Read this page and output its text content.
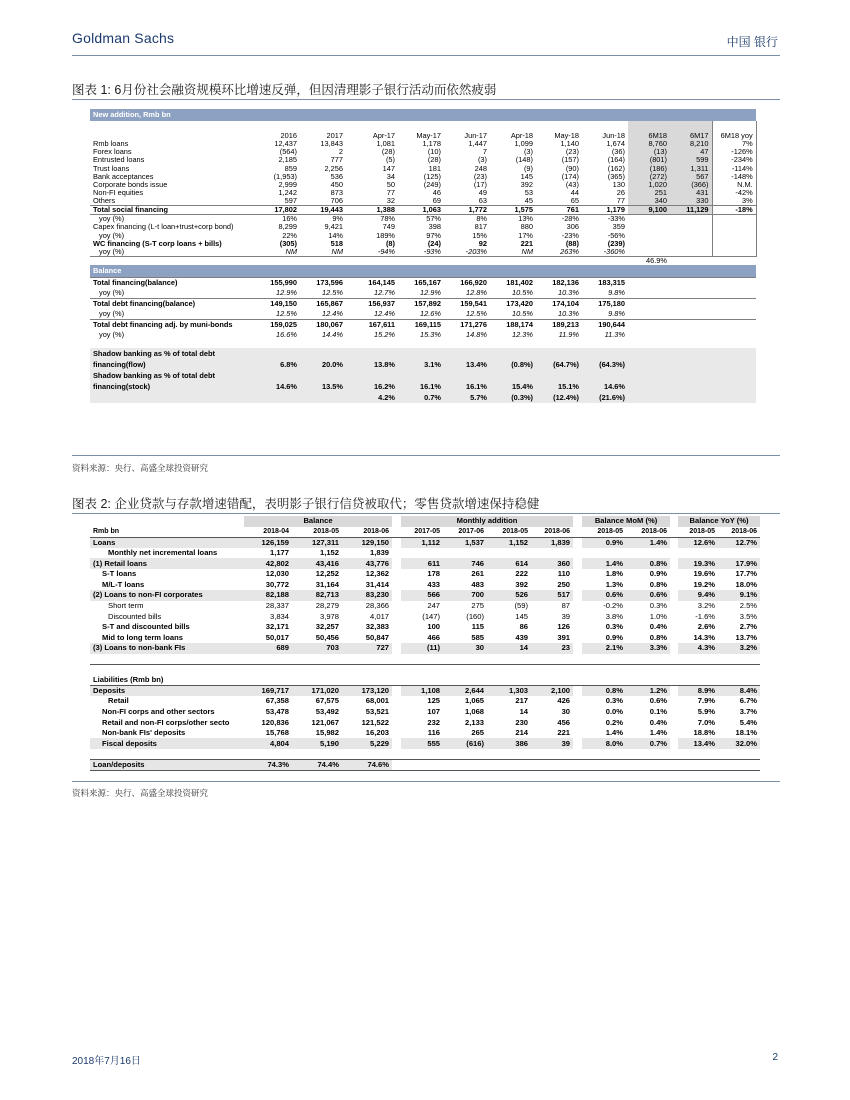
Goldman Sachs	中国 银行
图表 1: 6月份社会融资规模环比增速反弹，但因清理影子银行活动而依然疲弱
New addition, Rmb bn											
	2016	2017	Apr-17	May-17	Jun-17	Apr-18	May-18	Jun-18	6M18	6M17	6M18 yoy
Rmb loans	12,437	13,843	1,081	1,178	1,447	1,099	1,140	1,674	8,760	8,210	7%
Forex loans	(564)	2	(28)	(10)	7	(3)	(23)	(36)	(13)	47	-126%
Entrusted loans	2,185	777	(5)	(28)	(3)	(148)	(157)	(164)	(801)	599	-234%
Trust loans	859	2,256	147	181	248	(9)	(90)	(162)	(186)	1,311	-114%
Bank acceptances	(1,953)	536	34	(125)	(23)	145	(174)	(365)	(272)	567	-148%
Corporate bonds issue	2,999	450	50	(249)	(17)	392	(43)	130	1,020	(366)	N.M.
Non-FI equities	1,242	873	77	46	49	53	44	26	251	431	-42%
Others	597	706	32	69	63	45	65	77	340	330	3%
Total social financing	17,802	19,443	1,388	1,063	1,772	1,575	761	1,179	9,100	11,129	-18%
yoy (%)	16%	9%	78%	57%	8%	13%	-28%	-33%			
Capex financing (L-t loan+trust+corp bond)	8,299	9,421	749	398	817	880	306	359			
yoy (%)	22%	14%	189%	97%	15%	17%	-23%	-56%			
WC financing (S-T corp loans + bills)	(305)	518	(8)	(24)	92	221	(88)	(239)			
yoy (%)	NM	NM	-94%	-93%	-203%	NM	263%	-360%			
									46.9%		
Balance											
Total financing(balance)	155,990	173,596	164,145	165,167	166,920	181,402	182,136	183,315			
yoy (%)	12.9%	12.5%	12.7%	12.9%	12.8%	10.5%	10.3%	9.8%			
Total debt financing(balance)	149,150	165,867	156,937	157,892	159,541	173,420	174,104	175,180			
yoy (%)	12.5%	12.4%	12.4%	12.6%	12.5%	10.5%	10.3%	9.8%			
Total debt financing adj. by muni-bonds	159,025	180,067	167,611	169,115	171,276	188,174	189,213	190,644			
yoy (%)	16.6%	14.4%	15.2%	15.3%	14.8%	12.3%	11.9%	11.3%			

Shadow banking as % of total debt											
financing(flow)	6.8%	20.0%	13.8%	3.1%	13.4%	(0.8%)	(64.7%)	(64.3%)			
Shadow banking as % of total debt											
financing(stock)	14.6%	13.5%	16.2%	16.1%	16.1%	15.4%	15.1%	14.6%			
			4.2%	0.7%	5.7%	(0.3%)	(12.4%)	(21.6%)			
资料来源：央行、高盛全球投资研究
图表 2: 企业贷款与存款增速错配，表明影子银行信贷被取代；零售贷款增速保持稳健
	Balance				Monthly addition					Balance MoM (%)			Balance YoY (%)	
Rmb bn	2018-04	2018-05	2018-06		2017-05	2017-06	2018-05	2018-06		2018-05	2018-06		2018-05	2018-06
Loans	126,159	127,311	129,150		1,112	1,537	1,152	1,839		0.9%	1.4%		12.6%	12.7%
Monthly net incremental loans	1,177	1,152	1,839											
(1) Retail loans	42,802	43,416	43,776		611	746	614	360		1.4%	0.8%		19.3%	17.9%
S-T loans	12,030	12,252	12,362		178	261	222	110		1.8%	0.9%		19.6%	17.7%
M/L-T loans	30,772	31,164	31,414		433	483	392	250		1.3%	0.8%		19.2%	18.0%
(2) Loans to non-FI corporates	82,188	82,713	83,230		566	700	526	517		0.6%	0.6%		9.4%	9.1%
Short term	28,337	28,279	28,366		247	275	(59)	87		-0.2%	0.3%		3.2%	2.5%
Discounted bills	3,834	3,978	4,017		(147)	(160)	145	39		3.8%	1.0%		-1.6%	3.5%
S-T and discounted bills	32,171	32,257	32,383		100	115	86	126		0.3%	0.4%		2.6%	2.7%
Mid to long term loans	50,017	50,456	50,847		466	585	439	391		0.9%	0.8%		14.3%	13.7%
(3) Loans to non-bank FIs	689	703	727		(11)	30	14	23		2.1%	3.3%		4.3%	3.2%

Liabilities (Rmb bn)														
Deposits	169,717	171,020	173,120		1,108	2,644	1,303	2,100		0.8%	1.2%		8.9%	8.4%
Retail	67,358	67,575	68,001		125	1,065	217	426		0.3%	0.6%		7.9%	6.7%
Non-FI corps and other sectors	53,478	53,492	53,521		107	1,068	14	30		0.0%	0.1%		5.9%	3.7%
Retail and non-FI corps/other secto	120,836	121,067	121,522		232	2,133	230	456		0.2%	0.4%		7.0%	5.4%
Non-bank FIs' deposits	15,768	15,982	16,203		116	265	214	221		1.4%	1.4%		18.8%	18.1%
Fiscal deposits	4,804	5,190	5,229		555	(616)	386	39		8.0%	0.7%		13.4%	32.0%

Loan/deposits	74.3%	74.4%	74.6%											
资料来源：央行、高盛全球投资研究
2018年7月16日	2
